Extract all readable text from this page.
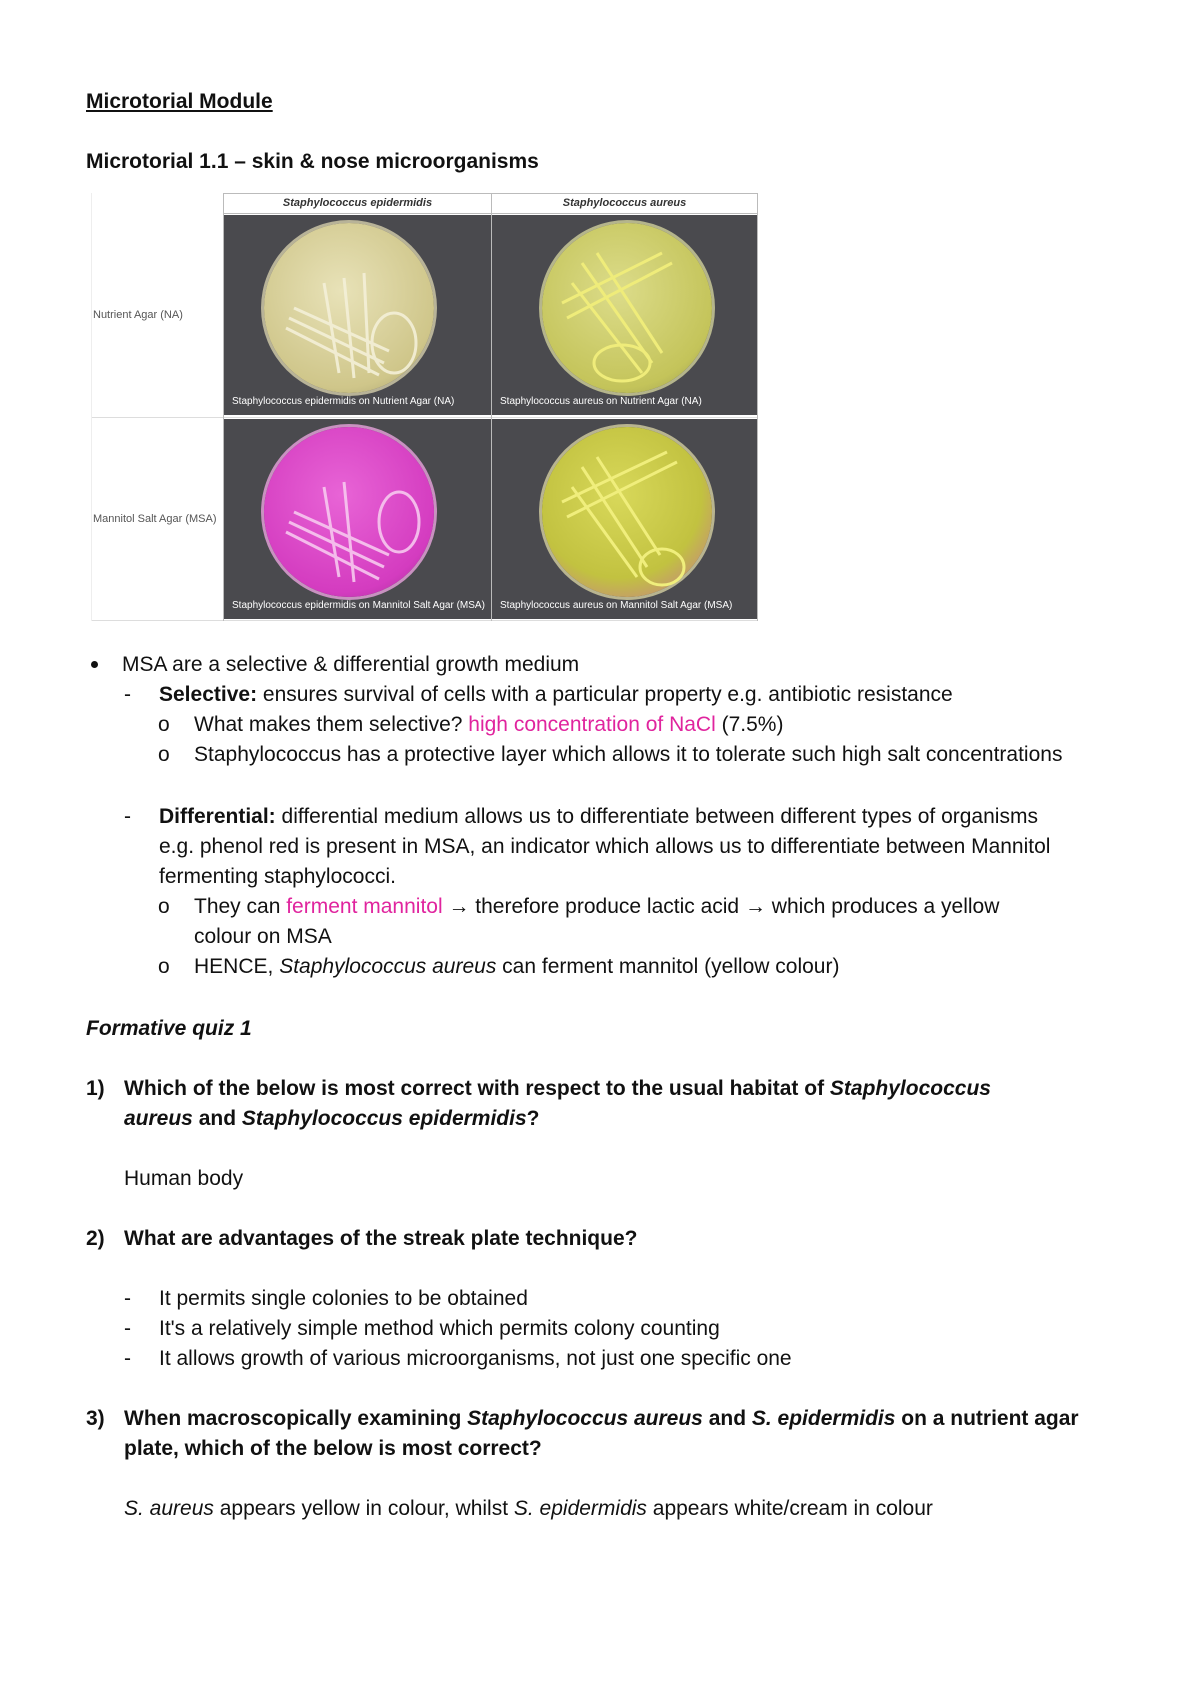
Microtorial Module
Microtorial 1.1 – skin & nose microorganisms
Staphylococcus epidermidis	Staphylococcus aureus
Nutrient Agar (NA)
Mannitol Salt Agar (MSA)
Staphylococcus epidermidis on Nutrient Agar (NA)	Staphylococcus aureus on Nutrient Agar (NA)
Staphylococcus epidermidis on Mannitol Salt Agar (MSA) Staphylococcus aureus on Mannitol Salt Agar (MSA)
MSA are a selective & differential growth medium
- Selective: ensures survival of cells with a particular property e.g. antibiotic resistance
o What makes them selective? high concentration of NaCl (7.5%)
o Staphylococcus has a protective layer which allows it to tolerate such high salt concentrations
- Differential: differential medium allows us to differentiate between different types of organisms
e.g. phenol red is present in MSA, an indicator which allows us to differentiate between Mannitol
fermenting staphylococci.
o They can ferment mannitol → therefore produce lactic acid → which produces a yellow
colour on MSA
o HENCE, Staphylococcus aureus can ferment mannitol (yellow colour)
Formative quiz 1
1) Which of the below is most correct with respect to the usual habitat of Staphylococcus
aureus and Staphylococcus epidermidis?
Human body
2) What are advantages of the streak plate technique?
- It permits single colonies to be obtained
- It's a relatively simple method which permits colony counting
- It allows growth of various microorganisms, not just one specific one
3) When macroscopically examining Staphylococcus aureus and S. epidermidis on a nutrient agar
plate, which of the below is most correct?
S. aureus appears yellow in colour, whilst S. epidermidis appears white/cream in colour
